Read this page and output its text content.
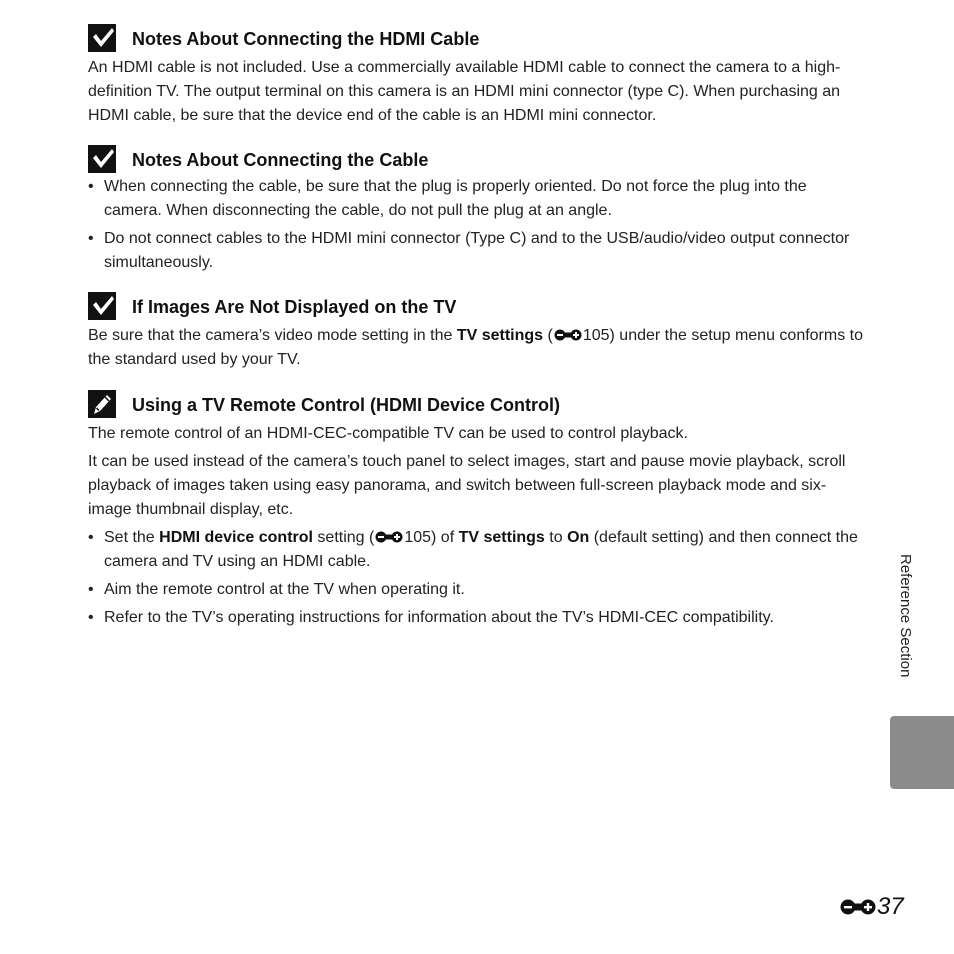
Notes About Connecting the HDMI Cable

An HDMI cable is not included. Use a commercially available HDMI cable to connect the camera to a high-definition TV. The output terminal on this camera is an HDMI mini connector (type C). When purchasing an HDMI cable, be sure that the device end of the cable is an HDMI mini connector.

Notes About Connecting the Cable
• When connecting the cable, be sure that the plug is properly oriented. Do not force the plug into the camera. When disconnecting the cable, do not pull the plug at an angle.
• Do not connect cables to the HDMI mini connector (Type C) and to the USB/audio/video output connector simultaneously.
If Images Are Not Displayed on the TV

Be sure that the camera’s video mode setting in the TV settings ( 105) under the setup menu conforms to the standard used by your TV.

Using a TV Remote Control (HDMI Device Control)

The remote control of an HDMI-CEC-compatible TV can be used to control playback.

It can be used instead of the camera’s touch panel to select images, start and pause movie playback, scroll playback of images taken using easy panorama, and switch between full-screen playback mode and six-image thumbnail display, etc.

• Set the HDMI device control setting ( 105) of TV settings to On (default setting) and then connect the camera and TV using an HDMI cable.
• Aim the remote control at the TV when operating it.
• Refer to the TV’s operating instructions for information about the TV’s HDMI-CEC compatibility.	Reference Section
37
